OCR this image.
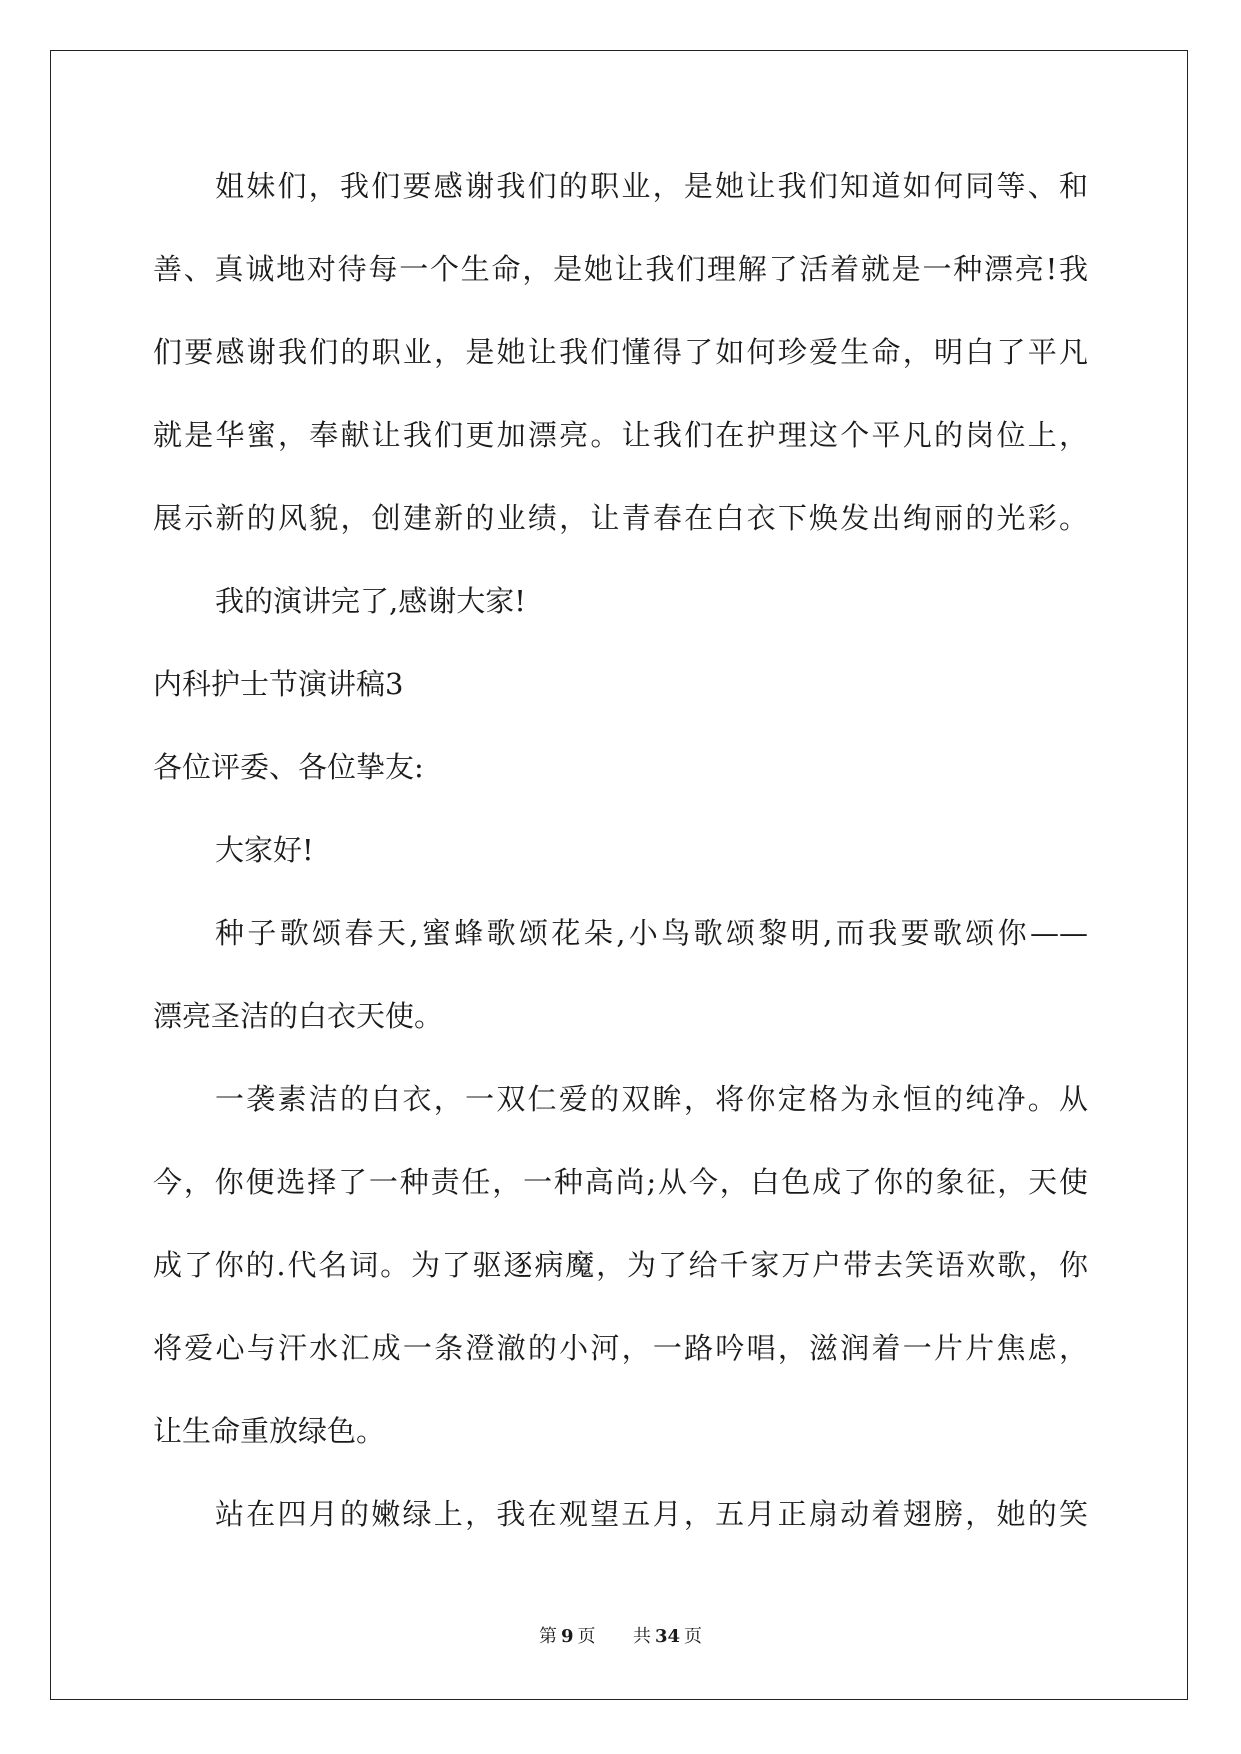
姐妹们，我们要感谢我们的职业，是她让我们知道如何同等、和
善、真诚地对待每一个生命，是她让我们理解了活着就是一种漂亮!我
们要感谢我们的职业，是她让我们懂得了如何珍爱生命，明白了平凡
就是华蜜，奉献让我们更加漂亮。让我们在护理这个平凡的岗位上，
展示新的风貌，创建新的业绩，让青春在白衣下焕发出绚丽的光彩。
我的演讲完了,感谢大家!
内科护士节演讲稿3
各位评委、各位挚友:
大家好!
种子歌颂春天,蜜蜂歌颂花朵,小鸟歌颂黎明,而我要歌颂你——
漂亮圣洁的白衣天使。
一袭素洁的白衣，一双仁爱的双眸，将你定格为永恒的纯净。从
今，你便选择了一种责任，一种高尚;从今，白色成了你的象征，天使
成了你的.代名词。为了驱逐病魔，为了给千家万户带去笑语欢歌，你
将爱心与汗水汇成一条澄澈的小河，一路吟唱，滋润着一片片焦虑，
让生命重放绿色。
站在四月的嫩绿上，我在观望五月，五月正扇动着翅膀，她的笑
第 9 页 共 34 页
